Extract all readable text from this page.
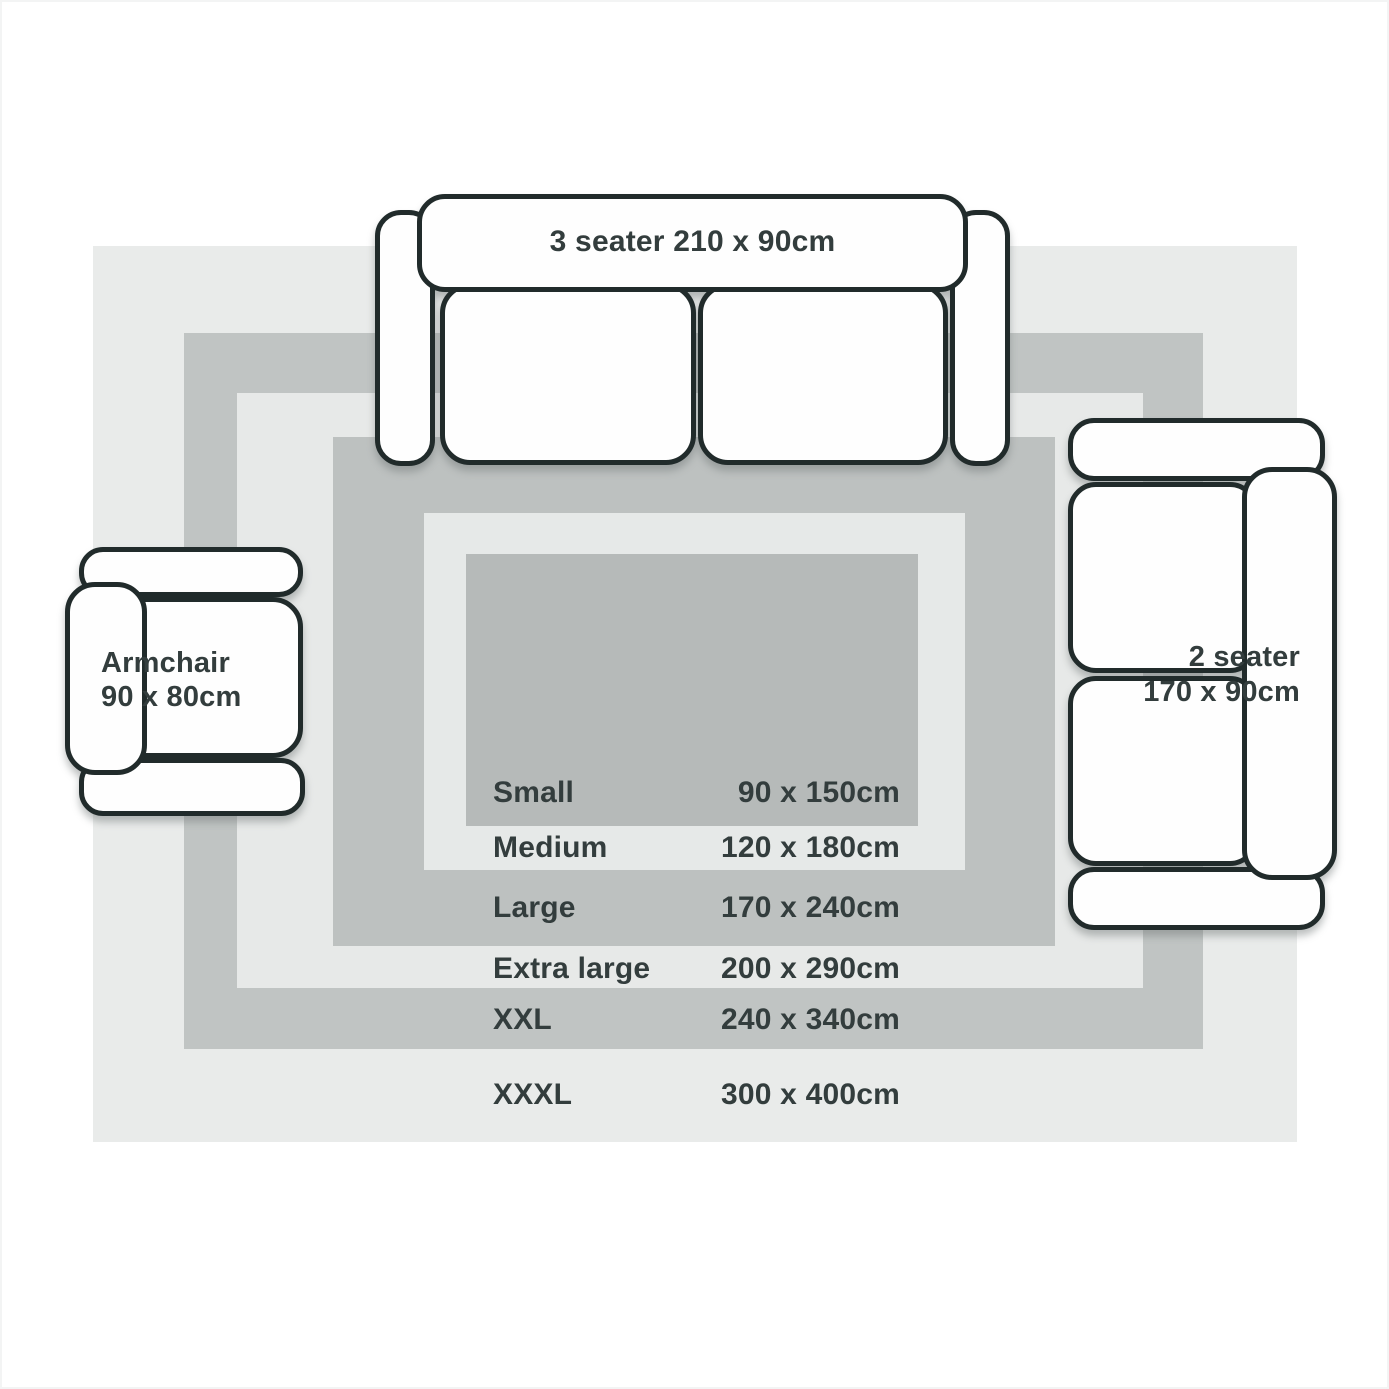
Small	90 x 150cm
Medium	120 x 180cm
Large	170 x 240cm
Extra large 200 x 290cm
XXL	240 x 340cm
XXXL	300 x 400cm
3 seater 210 x 90cm
Armchair
90 x 80cm
2 seater
170 x 90cm
